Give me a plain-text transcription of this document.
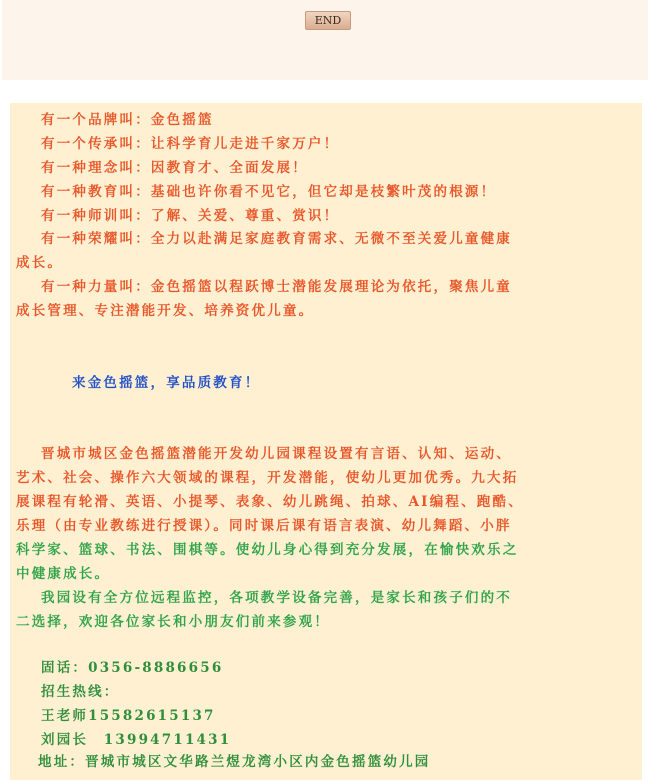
END
有一个品牌叫：金色摇篮
有一个传承叫：让科学育儿走进千家万户！
有一种理念叫：因教育才、全面发展！
有一种教育叫：基础也许你看不见它，但它却是枝繁叶茂的根源！
有一种师训叫：了解、关爱、尊重、赏识！
有一种荣耀叫：全力以赴满足家庭教育需求、无微不至关爱儿童健康
成长。
有一种力量叫：金色摇篮以程跃博士潜能发展理论为依托，聚焦儿童
成长管理、专注潜能开发、培养资优儿童。
来金色摇篮，享品质教育！
晋城市城区金色摇篮潜能开发幼儿园课程设置有言语、认知、运动、
艺术、社会、操作六大领域的课程，开发潜能，使幼儿更加优秀。九大拓
展课程有轮滑、英语、小提琴、表象、幼儿跳绳、拍球、AI编程、跑酷、
乐理（由专业教练进行授课）。同时课后课有语言表演、幼儿舞蹈、小胖
科学家、篮球、书法、围棋等。使幼儿身心得到充分发展，在愉快欢乐之
中健康成长。
我园设有全方位远程监控，各项教学设备完善，是家长和孩子们的不
二选择，欢迎各位家长和小朋友们前来参观！
固话：0356-8886656
招生热线：
王老师15582615137
刘园长　13994711431
地址：晋城市城区文华路兰煜龙湾小区内金色摇篮幼儿园
